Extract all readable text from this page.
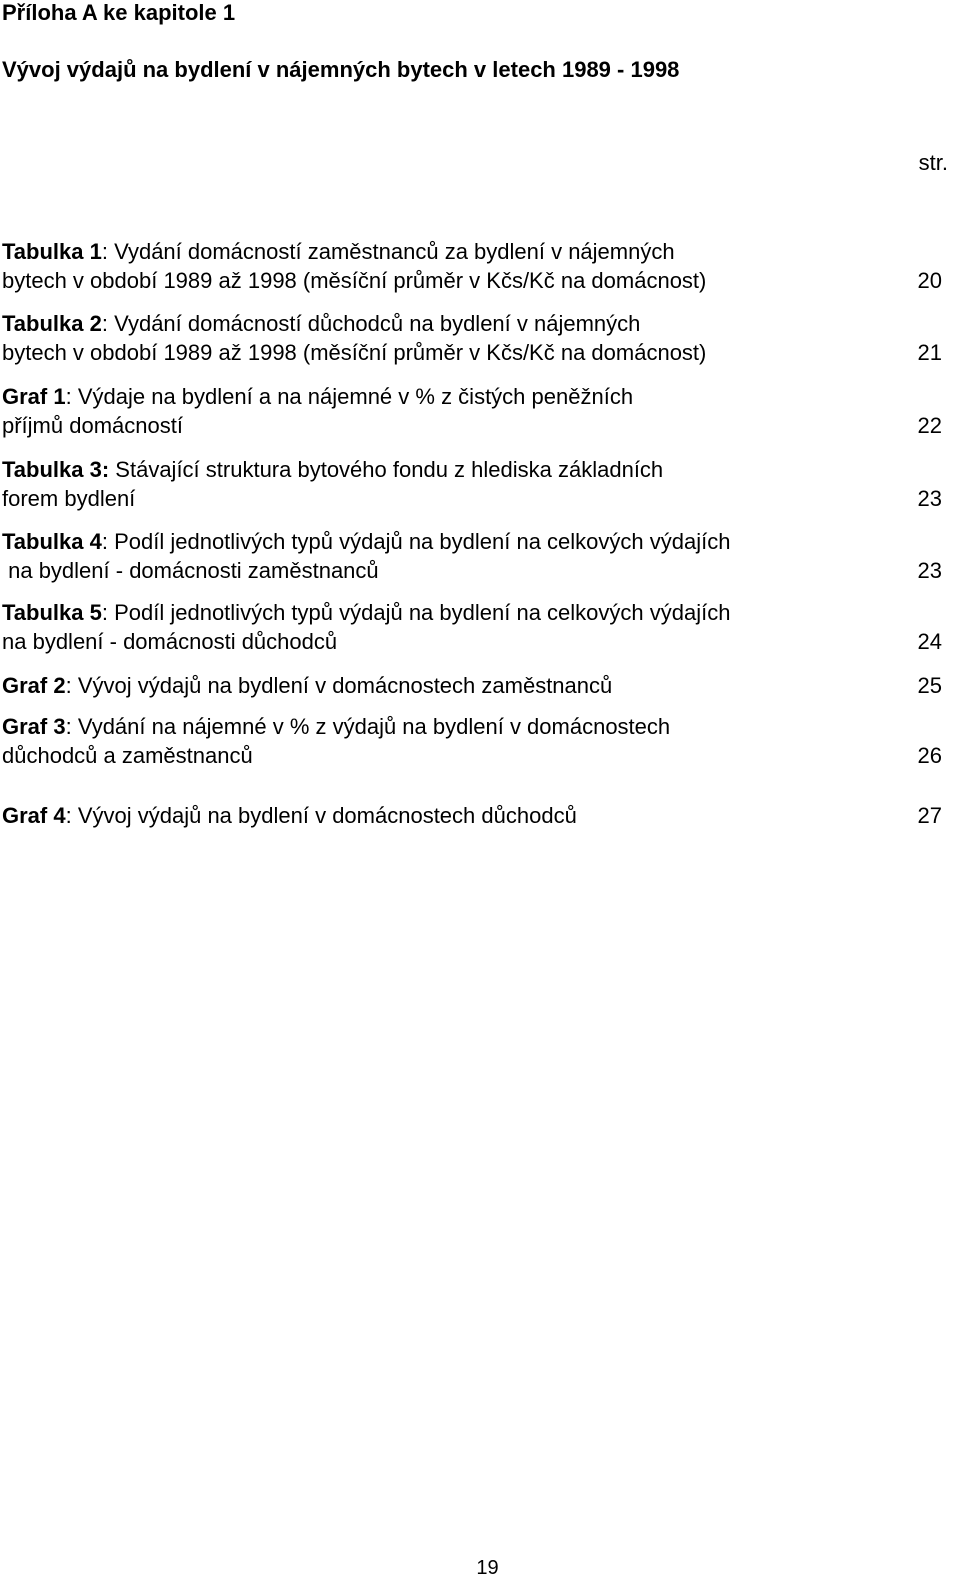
Příloha A ke kapitole 1
Vývoj výdajů na bydlení v nájemných bytech v letech 1989 - 1998
str.
Tabulka 1: Vydání domácností zaměstnanců za bydlení v nájemných
bytech v období 1989 až 1998 (měsíční průměr v Kčs/Kč na domácnost)	20
Tabulka 2: Vydání domácností důchodců na bydlení v nájemných
bytech v období 1989 až 1998 (měsíční průměr v Kčs/Kč na domácnost)	21
Graf 1: Výdaje na bydlení a na nájemné v % z čistých peněžních
příjmů domácností	22
Tabulka 3: Stávající struktura bytového fondu z hlediska základních
forem bydlení	23
Tabulka 4: Podíl jednotlivých typů výdajů na bydlení na celkových výdajích
na bydlení - domácnosti zaměstnanců	23
Tabulka 5: Podíl jednotlivých typů výdajů na bydlení na celkových výdajích
na bydlení - domácnosti důchodců	24
Graf 2: Vývoj výdajů na bydlení v domácnostech zaměstnanců	25
Graf 3: Vydání na nájemné v % z výdajů na bydlení v domácnostech
důchodců a zaměstnanců	26
Graf 4: Vývoj výdajů na bydlení v domácnostech důchodců	27
19
